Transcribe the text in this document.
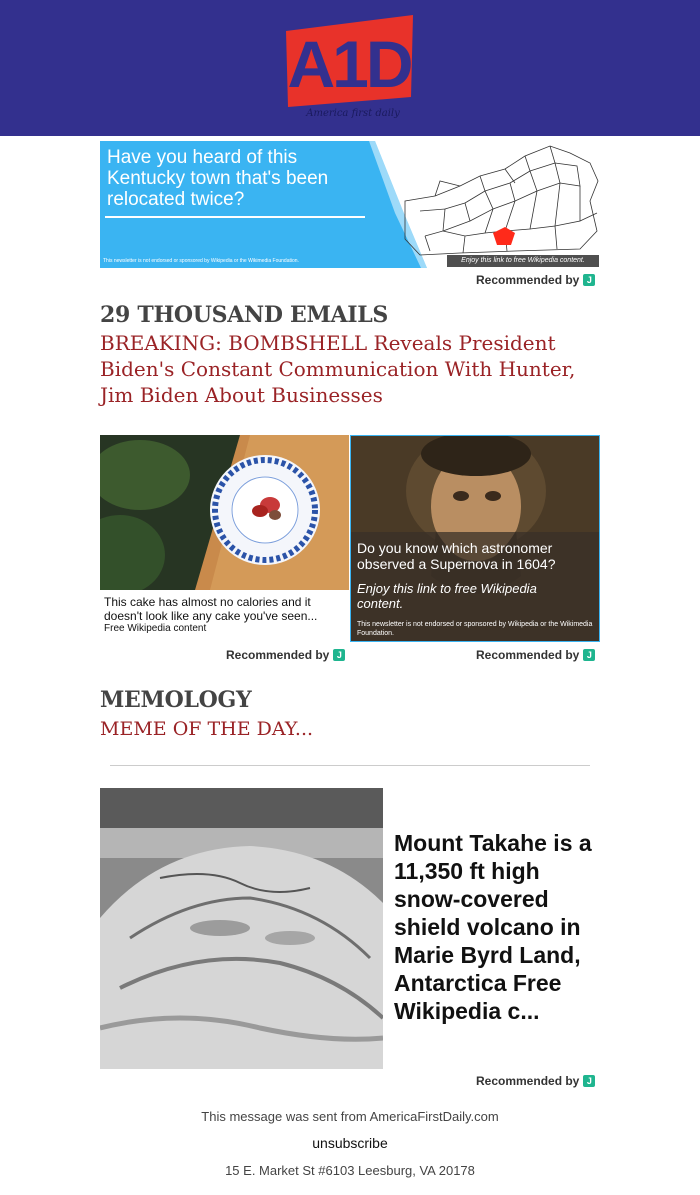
A1D
America first daily
Have you heard of this Kentucky town that's been relocated twice?
This newsletter is not endorsed or sponsored by Wikipedia or the Wikimedia Foundation.	Enjoy this link to free Wikipedia content.
Recommended by J
29 THOUSAND EMAILS
BREAKING: BOMBSHELL Reveals President Biden's Constant Communication With Hunter, Jim Biden About Businesses
This cake has almost no calories and it doesn't look like any cake you've seen...
Free Wikipedia content
Recommended by J
Do you know which astronomer observed a Supernova in 1604?
Enjoy this link to free Wikipedia content.
This newsletter is not endorsed or sponsored by Wikipedia or the Wikimedia Foundation.
Recommended by J
MEMOLOGY
MEME OF THE DAY...
Mount Takahe is a 11,350 ft high snow-covered shield volcano in Marie Byrd Land, Antarctica Free Wikipedia c...
Recommended by J
This message was sent from AmericaFirstDaily.com
unsubscribe
15 E. Market St #6103 Leesburg, VA 20178
